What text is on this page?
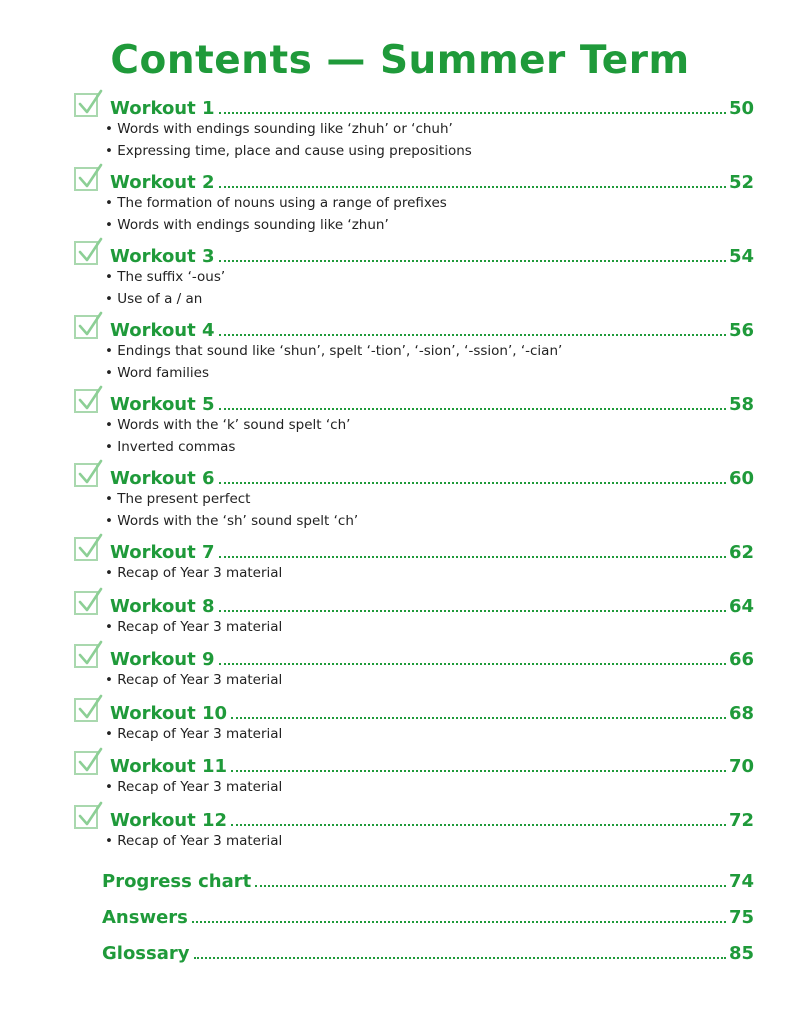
Contents — Summer Term
Workout 1	50
• Words with endings sounding like ‘zhuh’ or ‘chuh’
• Expressing time, place and cause using prepositions
Workout 2	52
• The formation of nouns using a range of prefixes
• Words with endings sounding like ‘zhun’
Workout 3	54
• The suffix ‘-ous’
• Use of a / an
Workout 4	56
• Endings that sound like ‘shun’, spelt ‘-tion’, ‘-sion’, ‘-ssion’, ‘-cian’
• Word families
Workout 5	58
• Words with the ‘k’ sound spelt ‘ch’
• Inverted commas
Workout 6	60
• The present perfect
• Words with the ‘sh’ sound spelt ‘ch’
Workout 7	62
• Recap of Year 3 material
Workout 8	64
• Recap of Year 3 material
Workout 9	66
• Recap of Year 3 material
Workout 10	68
• Recap of Year 3 material
Workout 11	70
• Recap of Year 3 material
Workout 12	72
• Recap of Year 3 material
Progress chart	74
Answers	75
Glossary	85
